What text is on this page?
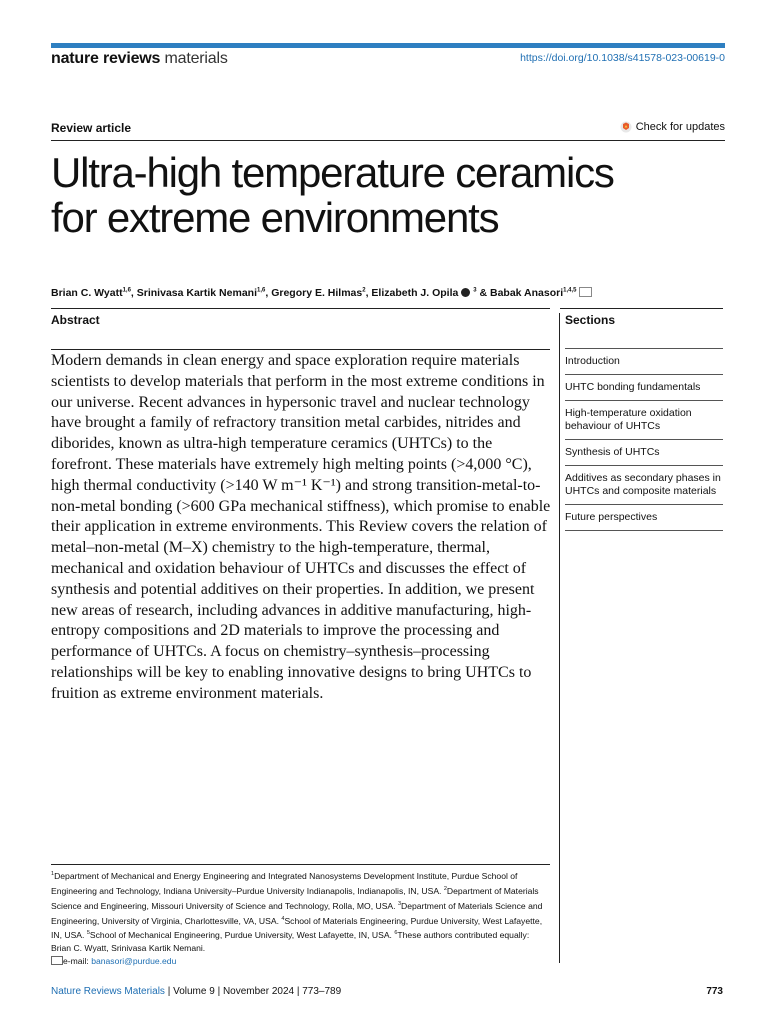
nature reviews materials	https://doi.org/10.1038/s41578-023-00619-0
Review article	Check for updates
Ultra-high temperature ceramics
for extreme environments
Brian C. Wyatt$^{1,6}$, Srinivasa Kartik Nemani$^{1,6}$, Gregory E. Hilmas$^2$, Elizabeth J. Opila $^3$ & Babak Anasori$^{1,4,5}$
Abstract

Modern demands in clean energy and space exploration require materials scientists to develop materials that perform in the most extreme conditions in our universe. Recent advances in hypersonic travel and nuclear technology have brought a family of refractory transition metal carbides, nitrides and diborides, known as ultra-high temperature ceramics (UHTCs) to the forefront. These materials have extremely high melting points (>4,000 °C), high thermal conductivity (>140 W m⁻¹ K⁻¹) and strong transition-metal-to-non-metal bonding (>600 GPa mechanical stiffness), which promise to enable their application in extreme environments. This Review covers the relation of metal–non-metal (M–X) chemistry to the high-temperature, thermal, mechanical and oxidation behaviour of UHTCs and discusses the effect of synthesis and potential additives on their properties. In addition, we present new areas of research, including advances in additive manufacturing, high-entropy compositions and 2D materials to improve the processing and performance of UHTCs. A focus on chemistry–synthesis–processing relationships will be key to enabling innovative designs to bring UHTCs to fruition as extreme environment materials.

Sections
Introduction
UHTC bonding fundamentals
High-temperature oxidation behaviour of UHTCs
Synthesis of UHTCs
Additives as secondary phases in UHTCs and composite materials
Future perspectives

$^1$Department of Mechanical and Energy Engineering and Integrated Nanosystems Development Institute, Purdue School of Engineering and Technology, Indiana University–Purdue University Indianapolis, Indianapolis, IN, USA. $^2$Department of Materials Science and Engineering, Missouri University of Science and Technology, Rolla, MO, USA. $^3$Department of Materials Science and Engineering, University of Virginia, Charlottesville, VA, USA. $^4$School of Materials Engineering, Purdue University, West Lafayette, IN, USA. $^5$School of Mechanical Engineering, Purdue University, West Lafayette, IN, USA. $^6$These authors contributed equally: Brian C. Wyatt, Srinivasa Kartik Nemani.
e-mail: banasori@purdue.edu

Nature Reviews Materials | Volume 9 | November 2024 | 773–789	773
